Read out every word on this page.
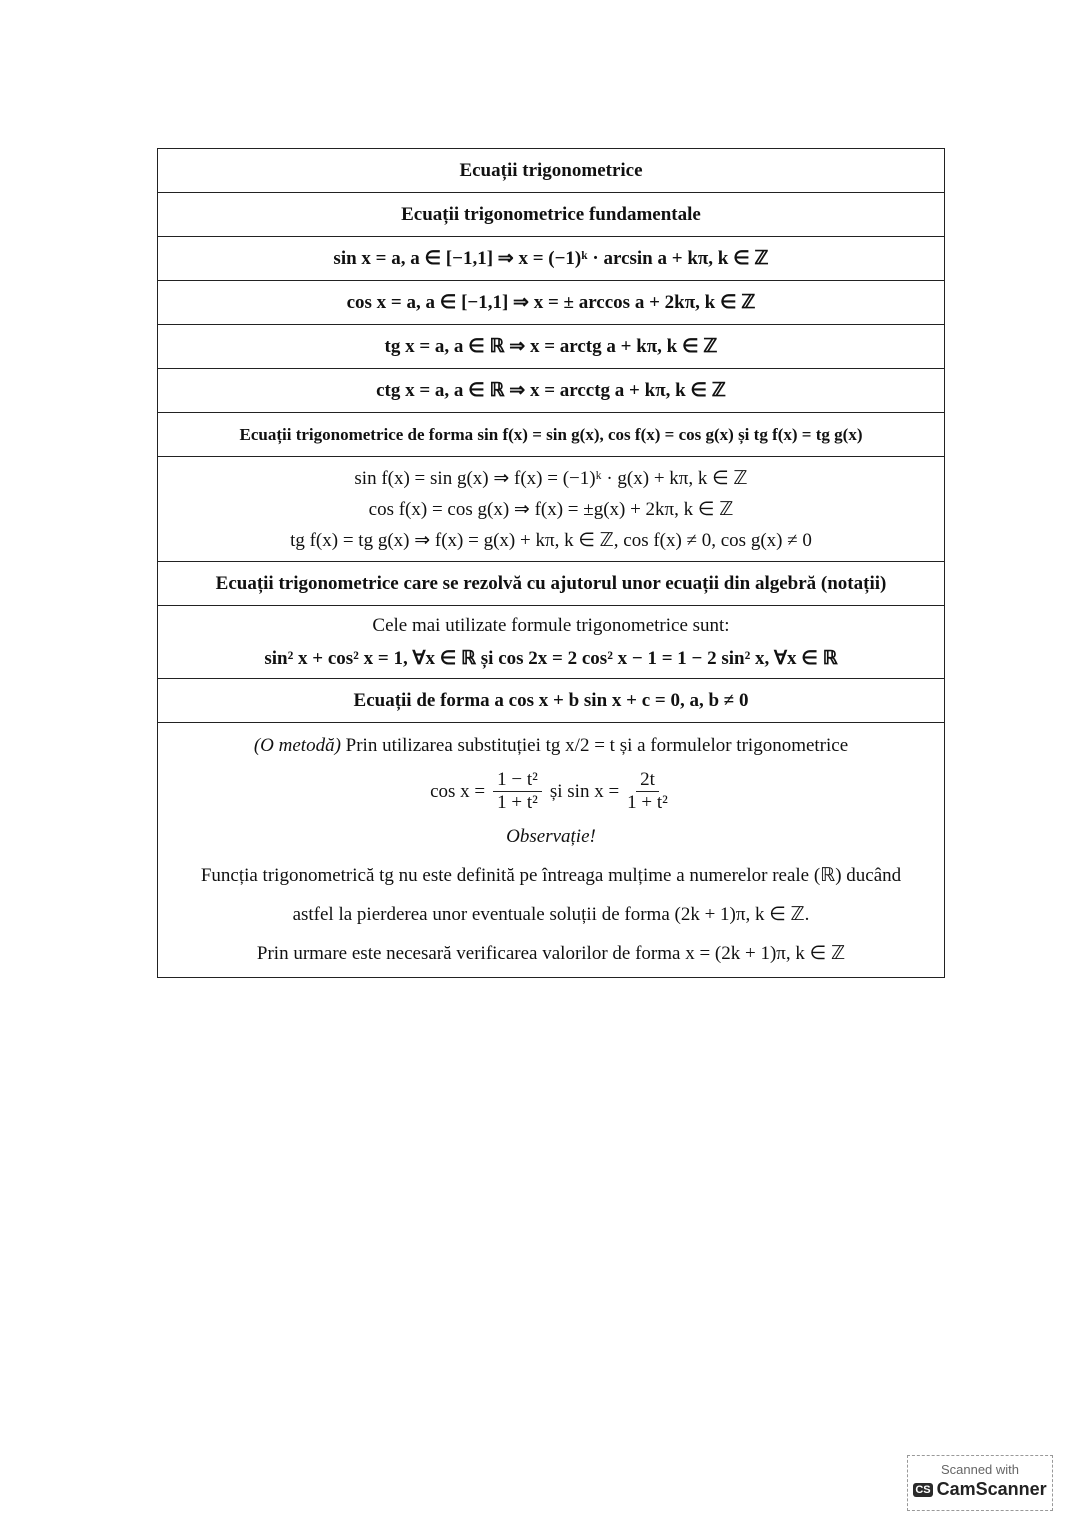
Ecuații trigonometrice
Ecuații trigonometrice fundamentale
sin x = a, a ∈ [−1,1] ⇒ x = (−1)ᵏ · arcsin a + kπ, k ∈ ℤ
cos x = a, a ∈ [−1,1] ⇒ x = ± arccos a + 2kπ, k ∈ ℤ
tg x = a, a ∈ ℝ ⇒ x = arctg a + kπ, k ∈ ℤ
ctg x = a, a ∈ ℝ ⇒ x = arcctg a + kπ, k ∈ ℤ
Ecuații trigonometrice de forma sin f(x) = sin g(x), cos f(x) = cos g(x) și tg f(x) = tg g(x)
sin f(x) = sin g(x) ⇒ f(x) = (−1)ᵏ · g(x) + kπ, k ∈ ℤ
cos f(x) = cos g(x) ⇒ f(x) = ±g(x) + 2kπ, k ∈ ℤ
tg f(x) = tg g(x) ⇒ f(x) = g(x) + kπ, k ∈ ℤ, cos f(x) ≠ 0, cos g(x) ≠ 0
Ecuații trigonometrice care se rezolvă cu ajutorul unor ecuații din algebră (notații)
Cele mai utilizate formule trigonometrice sunt:
sin² x + cos² x = 1, ∀x ∈ ℝ și cos 2x = 2 cos² x − 1 = 1 − 2 sin² x, ∀x ∈ ℝ
Ecuații de forma a cos x + b sin x + c = 0, a, b ≠ 0
(O metodă) Prin utilizarea substituției tg x/2 = t și a formulelor trigonometrice
$\cos x = \frac{\text{1 − t²}}{\text{1 + t²}}$ și $\sin x = \frac{2t}{\text{1 + t²}}$
Observație!
Funcția trigonometrică tg nu este definită pe întreaga mulțime a numerelor reale (ℝ) ducând
astfel la pierderea unor eventuale soluții de forma (2k + 1)π, k ∈ ℤ.
Prin urmare este necesară verificarea valorilor de forma x = (2k + 1)π, k ∈ ℤ
Scanned with
CS CamScanner
